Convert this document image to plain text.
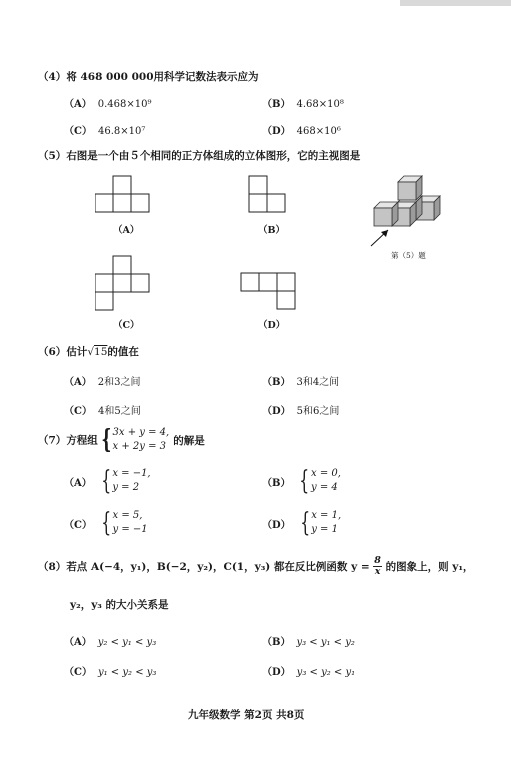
（4）将 468 000 000用科学记数法表示应为
（A） 0.468×10⁹	（B） 4.68×10⁸
（C） 46.8×10⁷	（D） 468×10⁶
（5）右图是一个由５个相同的正方体组成的立体图形，它的主视图是
（A）	（B）
第（5）题
（C）	（D）
（6）估计√15的值在
（A） 2和3之间	（B） 3和4之间
（C） 4和5之间	（D） 5和6之间
（7）方程组 { 3x + y = 4,
x + 2y = 3 的解是
（A） { x = −1,
y = 2	（B） { x = 0,
y = 4
（C） { x = 5,
y = −1	（D） { x = 1,
y = 1
（8）若点 A(−4，y₁)，B(−2，y₂)，C(1，y₃) 都在反比例函数 $y = \frac{8}{x}$ 的图象上，则 y₁，
y₂，y₃ 的大小关系是
（A） y₂ < y₁ < y₃	（B） y₃ < y₁ < y₂
（C） y₁ < y₂ < y₃	（D） y₃ < y₂ < y₁
九年级数学 第2页 共8页
